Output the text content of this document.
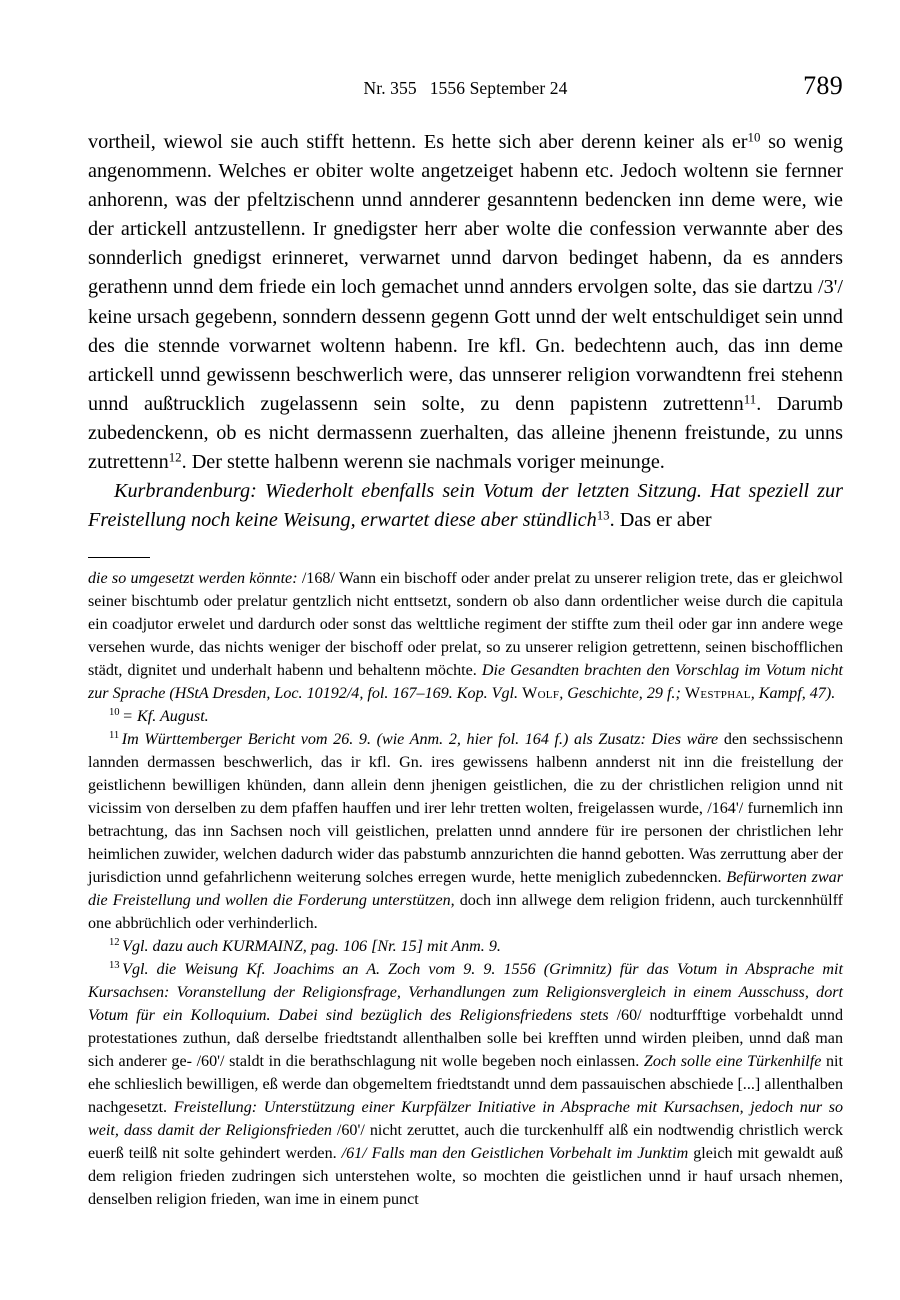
Nr. 355 1556 September 24	789

vortheil, wiewol sie auch stifft hettenn. Es hette sich aber derenn keiner als $er^{10}$ so wenig angenommenn. Welches er obiter wolte angetzeiget habenn etc. Jedoch woltenn sie fernner anhorenn, was der pfeltzischenn unnd annderer gesanntenn bedencken inn deme were, wie der artickell antzustellenn. Ir gnedigster herr aber wolte die confession verwannte aber des sonnderlich gnedigst erinneret, verwarnet unnd darvon bedinget habenn, da es annders gerathenn unnd dem friede ein loch gemachet unnd annders ervolgen solte, das sie dartzu /3'/ keine ursach gegebenn, sonndern dessenn gegenn Gott unnd der welt entschuldiget sein unnd des die stennde vorwarnet woltenn habenn. Ire kfl. Gn. bedechtenn auch, das inn deme artickell unnd gewissenn beschwerlich were, das unnserer religion vorwandtenn frei stehenn unnd außtrucklich zugelassenn sein solte, zu denn papistenn zutrettenn$^{11}$. Darumb zubedenckenn, ob es nicht dermassenn zuerhalten, das alleine jhenenn freistunde, zu unns zutrettenn$^{12}$. Der stette halbenn werenn sie nachmals voriger meinunge.

Kurbrandenburg: Wiederholt ebenfalls sein Votum der letzten Sitzung. Hat speziell zur Freistellung noch keine Weisung, erwartet diese aber stündlich$^{13}$. Das er aber

die so umgesetzt werden könnte: /168/ Wann ein bischoff oder ander prelat zu unserer religion trete, das er gleichwol seiner bischtumb oder prelatur gentzlich nicht enttsetzt, sondern ob also dann ordentlicher weise durch die capitula ein coadjutor erwelet und dardurch oder sonst das welttliche regiment der stiffte zum theil oder gar inn andere wege versehen wurde, das nichts weniger der bischoff oder prelat, so zu unserer religion getrettenn, seinen bischofflichen städt, dignitet und underhalt habenn und behaltenn möchte. Die Gesandten brachten den Vorschlag im Votum nicht zur Sprache (HStA Dresden, Loc. 10192/4, fol. 167–169. Kop. Vgl. Wolf, Geschichte, 29 f.; Westphal, Kampf, 47).

$^{10}$ = Kf. August.

$^{11}$ Im Württemberger Bericht vom 26. 9. (wie Anm. 2, hier fol. 164 f.) als Zusatz: Dies wäre den sechssischenn lannden dermassen beschwerlich, das ir kfl. Gn. ires gewissens halbenn annderst nit inn die freistellung der geistlichenn bewilligen khünden, dann allein denn jhenigen geistlichen, die zu der christlichen religion unnd nit vicissim von derselben zu dem pfaffen hauffen und irer lehr tretten wolten, freigelassen wurde, /164'/ furnemlich inn betrachtung, das inn Sachsen noch vill geistlichen, prelatten unnd anndere für ire personen der christlichen lehr heimlichen zuwider, welchen dadurch wider das pabstumb annzurichten die hannd gebotten. Was zerruttung aber der jurisdiction unnd gefahrlichenn weiterung solches erregen wurde, hette meniglich zubedenncken. Befürworten zwar die Freistellung und wollen die Forderung unterstützen, doch inn allwege dem religion fridenn, auch turckennhülff one abbrüchlich oder verhinderlich.

$^{12}$ Vgl. dazu auch KURMAINZ, pag. 106 [Nr. 15] mit Anm. 9.

$^{13}$ Vgl. die Weisung Kf. Joachims an A. Zoch vom 9. 9. 1556 (Grimnitz) für das Votum in Absprache mit Kursachsen: Voranstellung der Religionsfrage, Verhandlungen zum Religionsvergleich in einem Ausschuss, dort Votum für ein Kolloquium. Dabei sind bezüglich des Religionsfriedens stets /60/ nodturfftige vorbehaldt unnd protestationes zuthun, daß derselbe friedtstandt allenthalben solle bei krefften unnd wirden pleiben, unnd daß man sich anderer ge- /60'/ staldt in die berathschlagung nit wolle begeben noch einlassen. Zoch solle eine Türkenhilfe nit ehe schlieslich bewilligen, eß werde dan obgemeltem friedtstandt unnd dem passauischen abschiede [...] allenthalben nachgesetzt. Freistellung: Unterstützung einer Kurpfälzer Initiative in Absprache mit Kursachsen, jedoch nur so weit, dass damit der Religionsfrieden /60'/ nicht zeruttet, auch die turckenhulff alß ein nodtwendig christlich werck euerß teilß nit solte gehindert werden. /61/ Falls man den Geistlichen Vorbehalt im Junktim gleich mit gewaldt auß dem religion frieden zudringen sich unterstehen wolte, so mochten die geistlichen unnd ir hauf ursach nhemen, denselben religion frieden, wan ime in einem punct
